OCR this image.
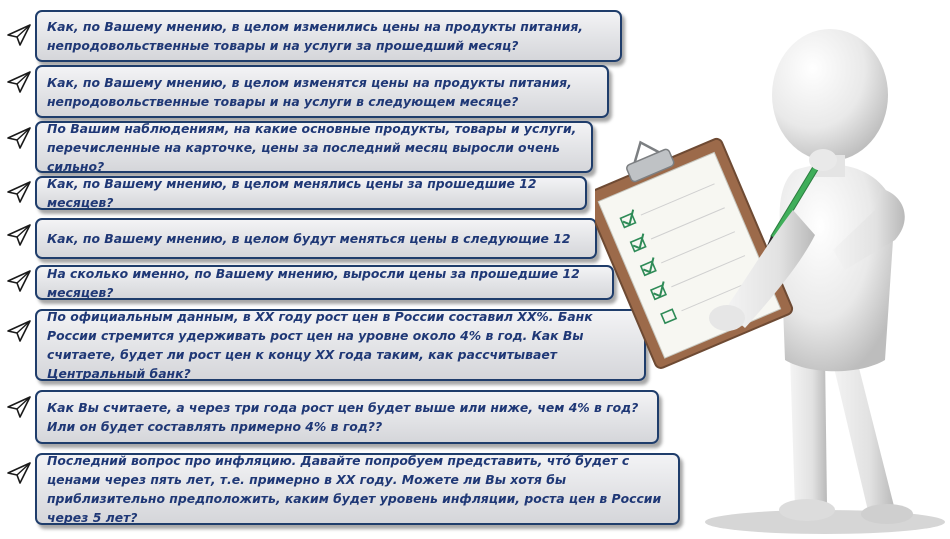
Как, по Вашему мнению, в целом изменились цены на продукты питания, непродовольственные товары и на услуги за прошедший месяц?
Как, по Вашему мнению, в целом изменятся цены на продукты питания, непродовольственные товары и на услуги в следующем месяце?
По Вашим наблюдениям, на какие основные продукты, товары и услуги, перечисленные на карточке, цены за последний месяц выросли очень сильно?
Как, по Вашему мнению, в целом менялись цены за прошедшие 12 месяцев?
Как, по Вашему мнению, в целом будут меняться цены в следующие 12
На сколько именно, по Вашему мнению, выросли цены за прошедшие 12 месяцев?
По официальным данным, в XX году рост цен в России составил XX%. Банк России стремится удерживать рост цен на уровне около 4% в год. Как Вы считаете, будет ли рост цен к концу XX года таким, как рассчитывает Центральный банк?
Как Вы считаете, а через три года рост цен будет выше или ниже, чем 4% в год? Или он будет составлять примерно 4% в год??
Последний вопрос про инфляцию. Давайте попробуем представить, чтó будет с ценами через пять лет, т.е. примерно в XX году. Можете ли Вы хотя бы приблизительно предположить, каким будет уровень инфляции, роста цен в России через 5 лет?
